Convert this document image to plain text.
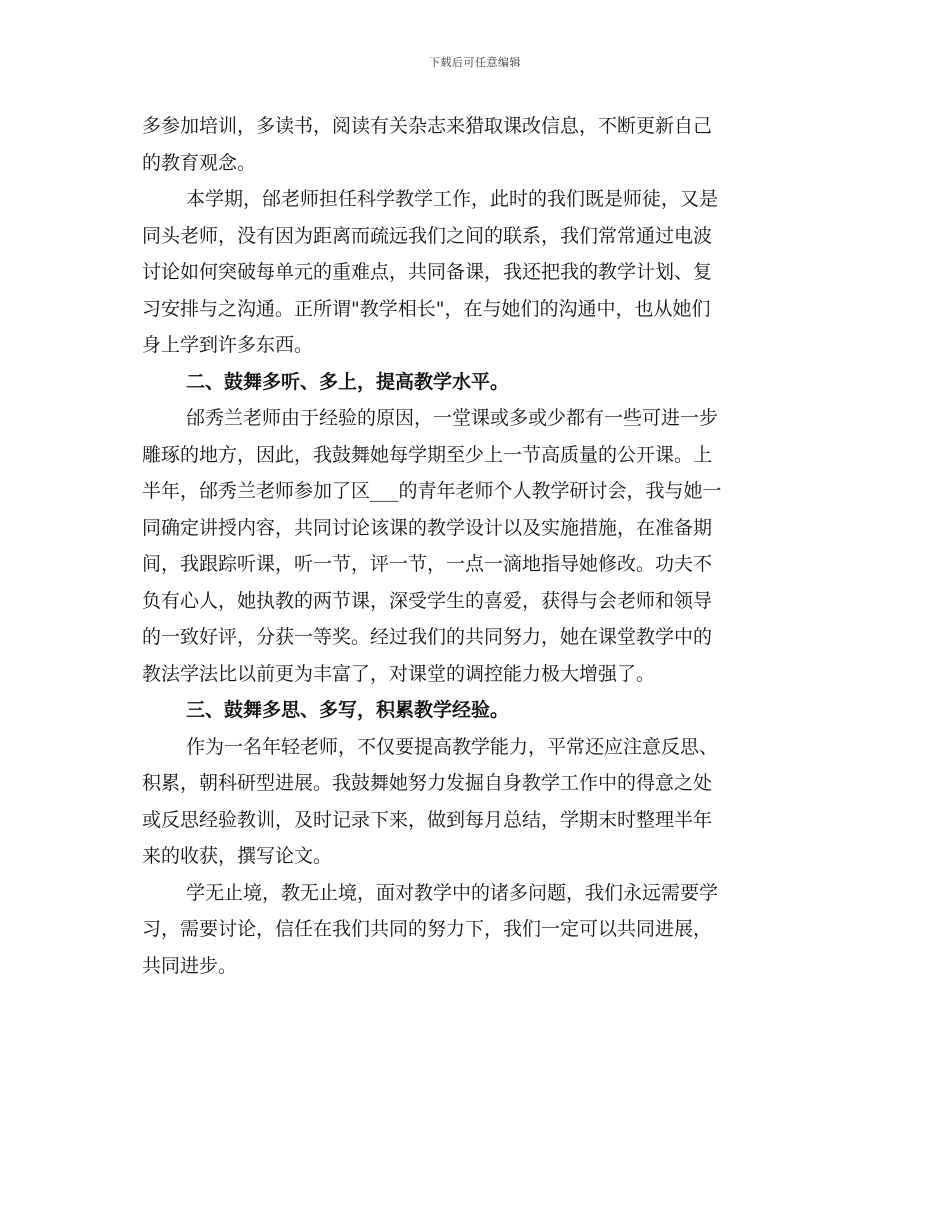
下载后可任意编辑
多参加培训，多读书，阅读有关杂志来猎取课改信息，不断更新自己
的教育观念。
本学期，邰老师担任科学教学工作，此时的我们既是师徒，又是
同头老师，没有因为距离而疏远我们之间的联系，我们常常通过电波
讨论如何突破每单元的重难点，共同备课，我还把我的教学计划、复
习安排与之沟通。正所谓"教学相长"，在与她们的沟通中，也从她们
身上学到许多东西。
二、鼓舞多听、多上，提高教学水平。
邰秀兰老师由于经验的原因，一堂课或多或少都有一些可进一步
雕琢的地方，因此，我鼓舞她每学期至少上一节高质量的公开课。上
半年，邰秀兰老师参加了区___的青年老师个人教学研讨会，我与她一
同确定讲授内容，共同讨论该课的教学设计以及实施措施，在准备期
间，我跟踪听课，听一节，评一节，一点一滴地指导她修改。功夫不
负有心人，她执教的两节课，深受学生的喜爱，获得与会老师和领导
的一致好评，分获一等奖。经过我们的共同努力，她在课堂教学中的
教法学法比以前更为丰富了，对课堂的调控能力极大增强了。
三、鼓舞多思、多写，积累教学经验。
作为一名年轻老师，不仅要提高教学能力，平常还应注意反思、
积累，朝科研型进展。我鼓舞她努力发掘自身教学工作中的得意之处
或反思经验教训，及时记录下来，做到每月总结，学期末时整理半年
来的收获，撰写论文。
学无止境，教无止境，面对教学中的诸多问题，我们永远需要学
习，需要讨论，信任在我们共同的努力下，我们一定可以共同进展，
共同进步。
